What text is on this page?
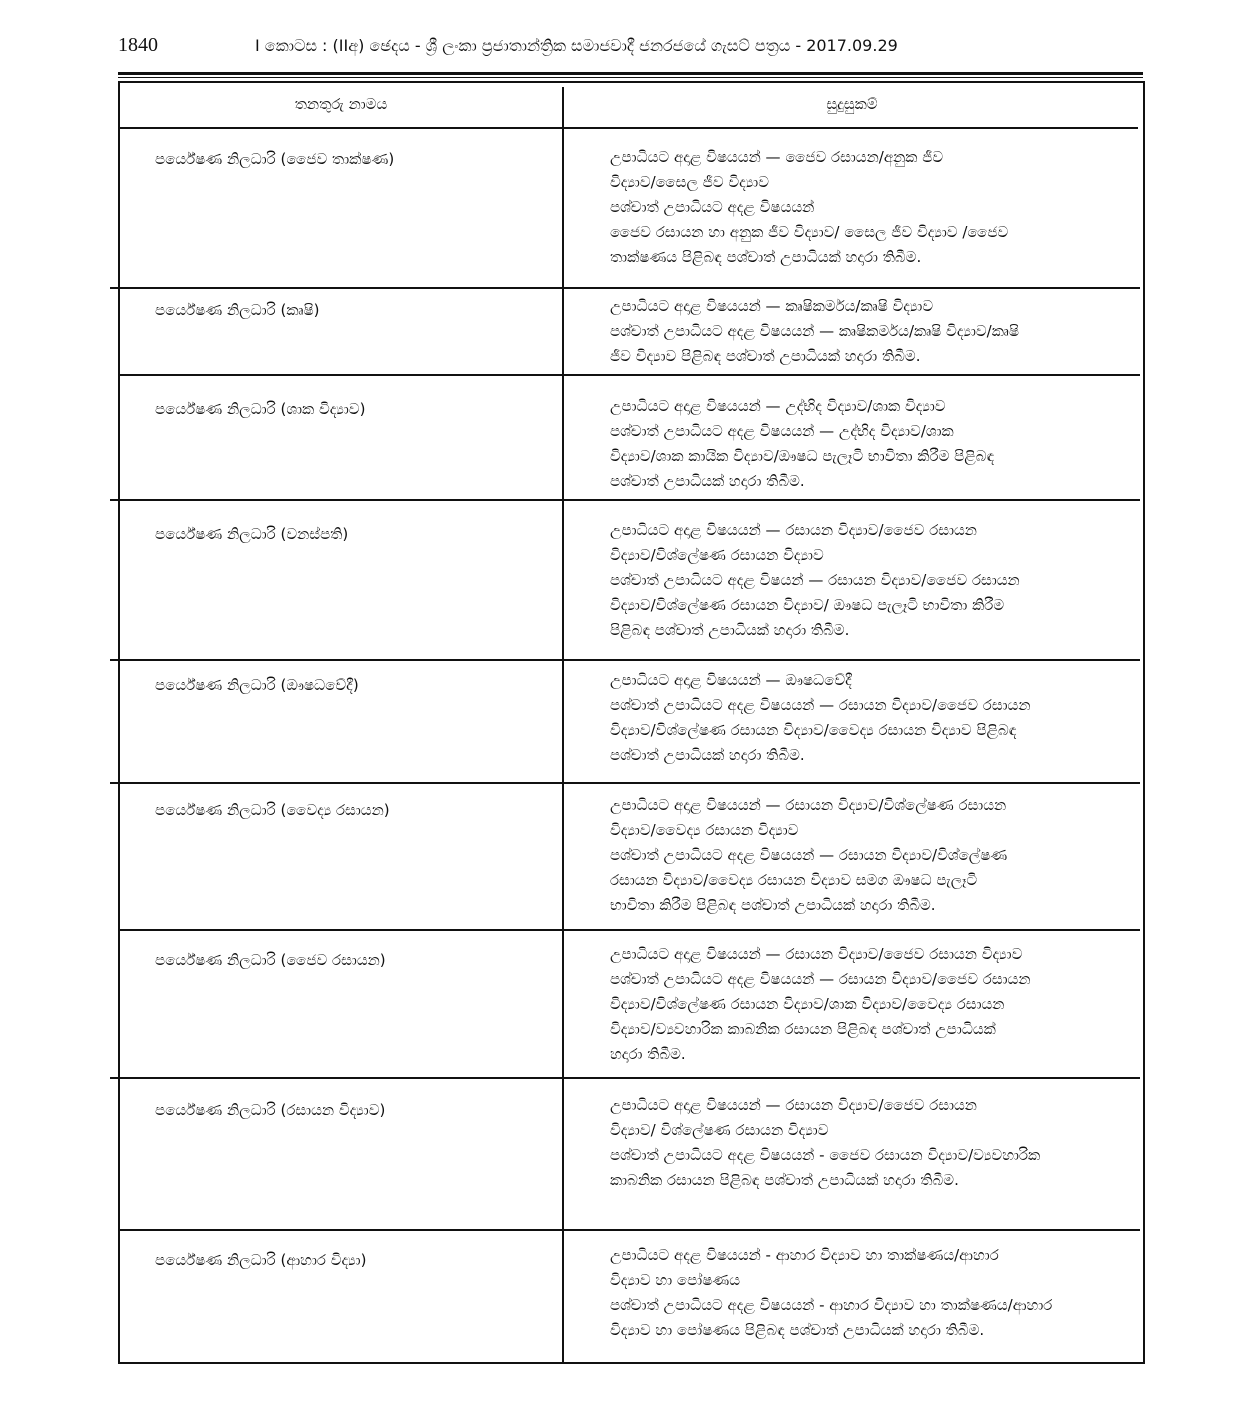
1840	I කොටස : (IIඅ) ඡෙදය - ශ්‍රී ලංකා ප්‍රජාතාන්ත්‍රික සමාජවාදී ජනරජයේ ගැසට් පත්‍රය - 2017.09.29
තනතුරු නාමය	සුදුසුකම්
පර්යේෂණ නිලධාරි (ජෛව තාක්ෂණ)	උපාධියට අදාළ විෂයයන් — ජෛව රසායන/අනුක ජීව
විද්‍යාව/සෛල ජීව විද්‍යාව
පශ්චාත් උපාධියට අදළ විෂයයන්
ජෛව රසායන හා අනුක ජීව විද්‍යාව/ සෛල ජීව විද්‍යාව /ජෛව
තාක්ෂණය පිළිබඳ පශ්චාත් උපාධියක් හදාරා තිබීම.
පර්යේෂණ නිලධාරි (කෘෂි)	උපාධියට අදාළ විෂයයන් — කෘෂිකර්මය/කෘෂි විද්‍යාව
පශ්චාත් උපාධියට අදළ විෂයයන් — කෘෂිකර්මය/කෘෂි විද්‍යාව/කෘෂි
ජීව විද්‍යාව පිළිබඳ පශ්චාත් උපාධියක් හදාරා තිබීම.
පර්යේෂණ නිලධාරි (ශාක විද්‍යාව)	උපාධියට අදාළ විෂයයන් — උද්භිද විද්‍යාව/ශාක විද්‍යාව
පශ්චාත් උපාධියට අදළ විෂයයන් — උද්භිද විද්‍යාව/ශාක
විද්‍යාව/ශාක කායික විද්‍යාව/ඖෂධ පැලෑටි භාවිතා කිරීම පිළිබඳ
පශ්චාත් උපාධියක් හදාරා තිබීම.
පර්යේෂණ නිලධාරි (වනස්පති)	උපාධියට අදාළ විෂයයන් — රසායන විද්‍යාව/ජෛව රසායන
විද්‍යාව/විශ්ලේෂණ රසායන විද්‍යාව
පශ්චාත් උපාධියට අදළ විෂයන් — රසායන විද්‍යාව/ජෛව රසායන
විද්‍යාව/විශ්ලේෂණ රසායන විද්‍යාව/ ඖෂධ පැලෑටි භාවිතා කිරීම
පිළිබඳ පශ්චාත් උපාධියක් හදාරා තිබීම.
පර්යේෂණ නිලධාරි (ඖෂධවේදී)	උපාධියට අදාළ විෂයයන් — ඖෂධවේදී
පශ්චාත් උපාධියට අදළ විෂයයන් — රසායන විද්‍යාව/ජෛව රසායන
විද්‍යාව/විශ්ලේෂණ රසායන විද්‍යාව/වෛද්‍ය රසායන විද්‍යාව පිළිබඳ
පශ්චාත් උපාධියක් හදාරා තිබීම.
පර්යේෂණ නිලධාරි (වෛද්‍ය රසායන)	උපාධියට අදාළ විෂයයන් — රසායන විද්‍යාව/විශ්ලේෂණ රසායන
විද්‍යාව/වෛද්‍ය රසායන විද්‍යාව
පශ්චාත් උපාධියට අදළ විෂයයන් — රසායන විද්‍යාව/විශ්ලේෂණ
රසායන විද්‍යාව/වෛද්‍ය රසායන විද්‍යාව සමග ඖෂධ පැලෑටි
භාවිතා කිරීම පිළිබඳ පශ්චාත් උපාධියක් හදාරා තිබීම.
පර්යේෂණ නිලධාරි (ජෛව රසායන)	උපාධියට අදාළ විෂයයන් — රසායන විද්‍යාව/ජෛව රසායන විද්‍යාව
පශ්චාත් උපාධියට අදළ විෂයයන් — රසායන විද්‍යාව/ජෛව රසායන
විද්‍යාව/විශ්ලේෂණ රසායන විද්‍යාව/ශාක විද්‍යාව/වෛද්‍ය රසායන
විද්‍යාව/ව්‍යවහාරික කාබනික රසායන පිළිබඳ පශ්චාත් උපාධියක්
හදාරා තිබීම.
පර්යේෂණ නිලධාරි (රසායන විද්‍යාව)	උපාධියට අදාළ විෂයයන් — රසායන විද්‍යාව/ජෛව රසායන
විද්‍යාව/ විශ්ලේෂණ රසායන විද්‍යාව
පශ්චාත් උපාධියට අදළ විෂයයන් - ජෛව රසායන විද්‍යාව/ව්‍යවහාරික
කාබනික රසායන පිළිබඳ පශ්චාත් උපාධියක් හදාරා තිබීම.
පර්යේෂණ නිලධාරි (ආහාර විද්‍යා)	උපාධියට අදළ විෂයයන් - ආහාර විද්‍යාව හා තාක්ෂණය/ආහාර
විද්‍යාව හා පෝෂණය
පශ්චාත් උපාධියට අදළ විෂයයන් - ආහාර විද්‍යාව හා තාක්ෂණය/ආහාර
විද්‍යාව හා පෝෂණය පිළිබඳ පශ්චාත් උපාධියක් හදාරා තිබීම.
